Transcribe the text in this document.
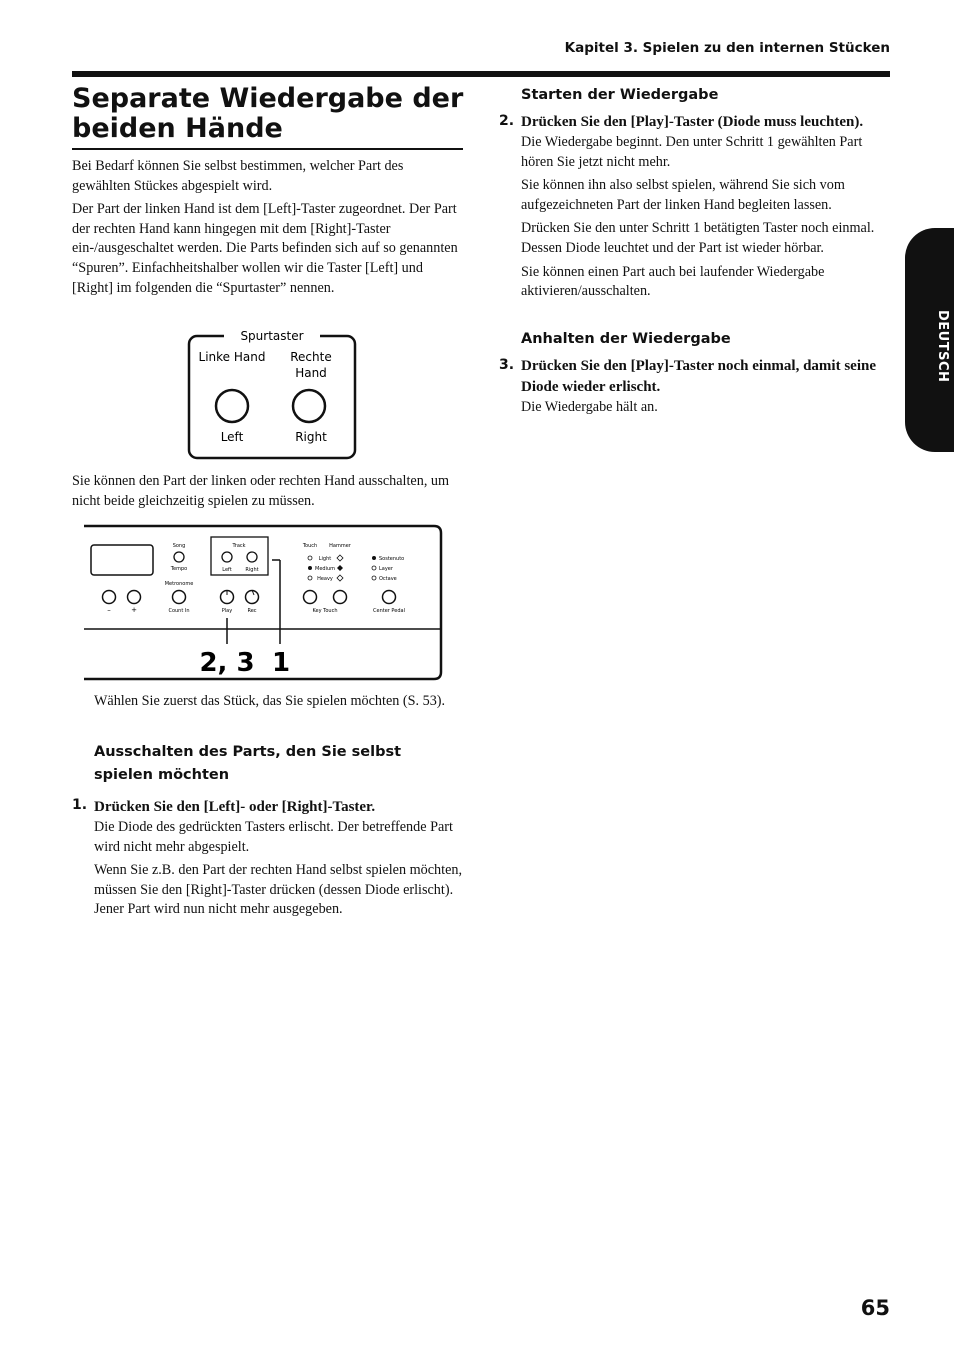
Kapitel 3. Spielen zu den internen Stücken
Separate Wiedergabe der beiden Hände

Bei Bedarf können Sie selbst bestimmen, welcher Part des gewählten Stückes abgespielt wird.

Der Part der linken Hand ist dem [Left]-Taster zugeordnet. Der Part der rechten Hand kann hingegen mit dem [Right]-Taster ein-/ausgeschaltet werden. Die Parts befinden sich auf so genannten “Spuren”. Einfachheitshalber wollen wir die Taster [Left] und [Right] im folgenden die “Spurtaster” nennen.

Spurtaster
Linke Hand Rechte
Hand
Left	Right

Sie können den Part der linken oder rechten Hand ausschalten, um nicht beide gleichzeitig spielen zu müssen.

–	+
Song
Tempo
Metronome
Count In
Track
Left	Right
Play	Rec
Touch Hammer
Light
Medium
Heavy
Key Touch
Sostenuto
Layer
Octave
Center Pedal
2, 3 1

Wählen Sie zuerst das Stück, das Sie spielen möchten (S. 53).

Ausschalten des Parts, den Sie selbst spielen möchten
1. Drücken Sie den [Left]- oder [Right]-Taster.

Die Diode des gedrückten Tasters erlischt. Der betreffende Part wird nicht mehr abgespielt.

Wenn Sie z.B. den Part der rechten Hand selbst spielen möchten, müssen Sie den [Right]-Taster drücken (dessen Diode erlischt). Jener Part wird nun nicht mehr ausgegeben.

Starten der Wiedergabe
2. Drücken Sie den [Play]-Taster (Diode muss leuchten).

Die Wiedergabe beginnt. Den unter Schritt 1 gewählten Part hören Sie jetzt nicht mehr.

Sie können ihn also selbst spielen, während Sie sich vom aufgezeichneten Part der linken Hand begleiten lassen.

Drücken Sie den unter Schritt 1 betätigten Taster noch einmal. Dessen Diode leuchtet und der Part ist wieder hörbar.

Sie können einen Part auch bei laufender Wiedergabe aktivieren/ausschalten.

Anhalten der Wiedergabe
3. Drücken Sie den [Play]-Taster noch einmal, damit seine Diode wieder erlischt.

Die Wiedergabe hält an.

DEUTSCH
65
